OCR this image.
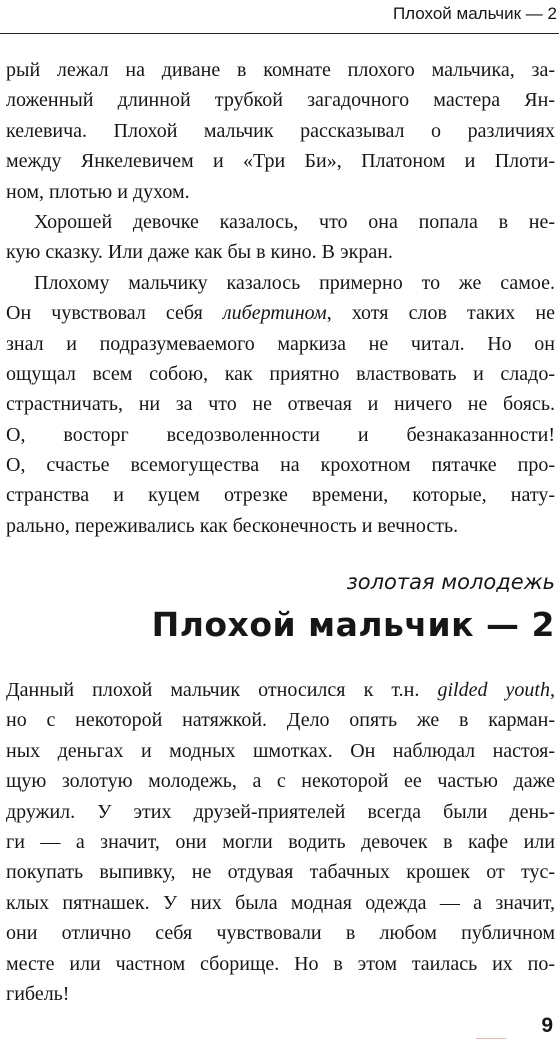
Плохой мальчик — 2
рый лежал на диване в комнате плохого мальчика, за-
ложенный длинной трубкой загадочного мастера Ян-
келевича. Плохой мальчик рассказывал о различиях
между Янкелевичем и «Три Би», Платоном и Плоти-
ном, плотью и духом.
Хорошей девочке казалось, что она попала в не-
кую сказку. Или даже как бы в кино. В экран.
Плохому мальчику казалось примерно то же самое.
Он чувствовал себя либертином, хотя слов таких не
знал и подразумеваемого маркиза не читал. Но он
ощущал всем собою, как приятно властвовать и сладо-
страстничать, ни за что не отвечая и ничего не боясь.
О, восторг вседозволенности и безнаказанности!
О, счастье всемогущества на крохотном пятачке про-
странства и куцем отрезке времени, которые, нату-
рально, переживались как бесконечность и вечность.
золотая молодежь
Плохой мальчик — 2
Данный плохой мальчик относился к т.н. gilded youth,
но с некоторой натяжкой. Дело опять же в карман-
ных деньгах и модных шмотках. Он наблюдал настоя-
щую золотую молодежь, а с некоторой ее частью даже
дружил. У этих друзей-приятелей всегда были день-
ги — а значит, они могли водить девочек в кафе или
покупать выпивку, не отдувая табачных крошек от тус-
клых пятнашек. У них была модная одежда — а значит,
они отлично себя чувствовали в любом публичном
месте или частном сборище. Но в этом таилась их по-
гибель!
9
